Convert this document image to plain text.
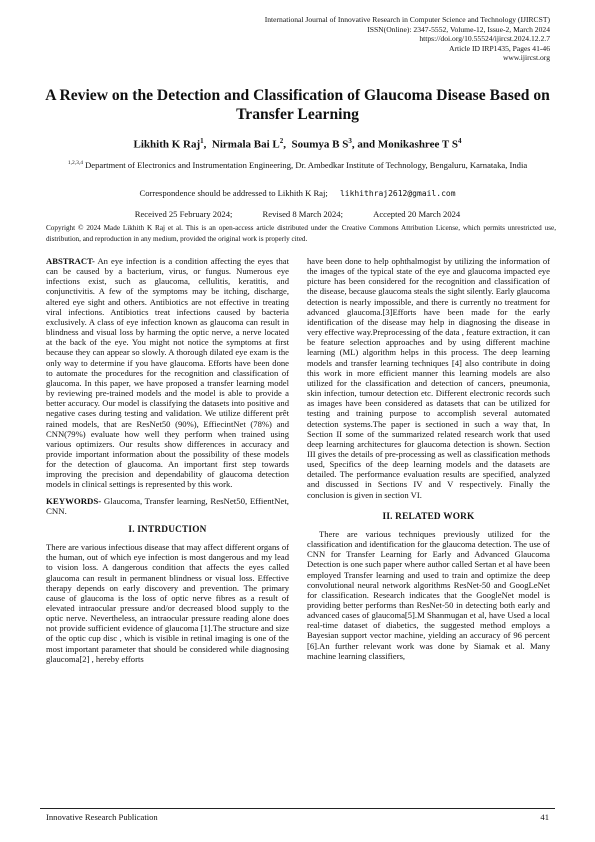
International Journal of Innovative Research in Computer Science and Technology (IJIRCST)
ISSN(Online): 2347-5552, Volume-12, Issue-2, March 2024
https://doi.org/10.55524/ijircst.2024.12.2.7
Article ID IRP1435, Pages 41-46
www.ijircst.org
A Review on the Detection and Classification of Glaucoma Disease Based on Transfer Learning
Likhith K Raj$^1$,  Nirmala Bai $L^2$,  Soumya B $S^3$, and Monikashree T $S^4$
$^{1,2,3,4}$ Department of Electronics and Instrumentation Engineering, Dr. Ambedkar Institute of Technology, Bengaluru, Karnataka, India
Correspondence should be addressed to Likhith K Raj; likhithraj2612@gmail.com
Received 25 February 2024;	Revised 8 March 2024;	Accepted 20 March 2024
Copyright © 2024 Made Likhith K Raj et al. This is an open-access article distributed under the Creative Commons Attribution License, which permits unrestricted use, distribution, and reproduction in any medium, provided the original work is properly cited.

ABSTRACT- An eye infection is a condition affecting the eyes that can be caused by a bacterium, virus, or fungus. Numerous eye infections exist, such as glaucoma, cellulitis, keratitis, and conjunctivitis. A few of the symptoms may be itching, discharge, altered eye sight and others. Antibiotics are not effective in treating viral infections. Antibiotics treat infections caused by bacteria exclusively. A class of eye infection known as glaucoma can result in blindness and visual loss by harming the optic nerve, a nerve located at the back of the eye. You might not notice the symptoms at first because they can appear so slowly. A thorough dilated eye exam is the only way to determine if you have glaucoma. Efforts have been done to automate the procedures for the recognition and classification of glaucoma. In this paper, we have proposed a transfer learning model by reviewing pre-trained models and the model is able to provide a better accuracy. Our model is classifying the datasets into positive and negative cases during testing and validation. We utilize different prêt rained models, that are ResNet50 (90%), EffiecintNet (78%) and CNN(79%) evaluate how well they perform when trained using various optimizers. Our results show differences in accuracy and provide important information about the possibility of these models for the detection of glaucoma. An important first step towards improving the precision and dependability of glaucoma detection models in clinical settings is represented by this work.

KEYWORDS- Glaucoma, Transfer learning, ResNet50, EffientNet, CNN.

I. INTRDUCTION

There are various infectious disease that may affect different organs of the human, out of which eye infection is most dangerous and my lead to vision loss. A dangerous condition that affects the eyes called glaucoma can result in permanent blindness or visual loss. Effective therapy depends on early discovery and prevention. The primary cause of glaucoma is the loss of optic nerve fibres as a result of elevated intraocular pressure and/or decreased blood supply to the optic nerve. Nevertheless, an intraocular pressure reading alone does not provide sufficient evidence of glaucoma [1].The structure and size of the optic cup disc , which is visible in retinal imaging is one of the most important parameter that should be considered while diagnosing glaucoma[2] , hereby efforts

have been done to help ophthalmogist by utilizing the information of the images of the typical state of the eye and glaucoma impacted eye picture has been considered for the recognition and classification of the disease, because glaucoma steals the sight silently. Early glaucoma detection is nearly impossible, and there is currently no treatment for advanced glaucoma.[3]Efforts have been made for the early identification of the disease may help in diagnosing the disease in very effective way.Preprocessing of the data , feature extraction, it can be feature selection approaches and by using different machine learning (ML) algorithm helps in this process. The deep learning models and transfer learning techniques [4] also contribute in doing this work in more efficient manner this learning models are also utilized for the classification and detection of cancers, pneumonia, skin infection, tumour detection etc. Different electronic records such as images have been considered as datasets that can be utilized for testing and training purpose to accomplish several automated detection systems.The paper is sectioned in such a way that, In Section II some of the summarized related research work that used deep learning architectures for glaucoma detection is shown. Section III gives the details of pre-processing as well as classification methods used, Specifics of the deep learning models and the datasets are detailed. The performance evaluation results are specified, analyzed and discussed in Sections IV and V respectively. Finally the conclusion is given in section VI.

II. RELATED WORK

There are various techniques previously utilized for the classification and identification for the glaucoma detection. The use of CNN for Transfer Learning for Early and Advanced Glaucoma Detection is one such paper where author called Sertan et al have been employed Transfer learning and used to train and optimize the deep convolutional neural network algorithms ResNet-50 and GoogLeNet for classification. Research indicates that the GoogleNet model is providing better performs than ResNet-50 in detecting both early and advanced cases of glaucoma[5].M Shanmugan et al, have Used a local real-time dataset of diabetics, the suggested method employs a Bayesian support vector machine, yielding an accuracy of 96 percent [6].An further relevant work was done by Siamak et al. Many machine learning classifiers,

Innovative Research Publication	41
